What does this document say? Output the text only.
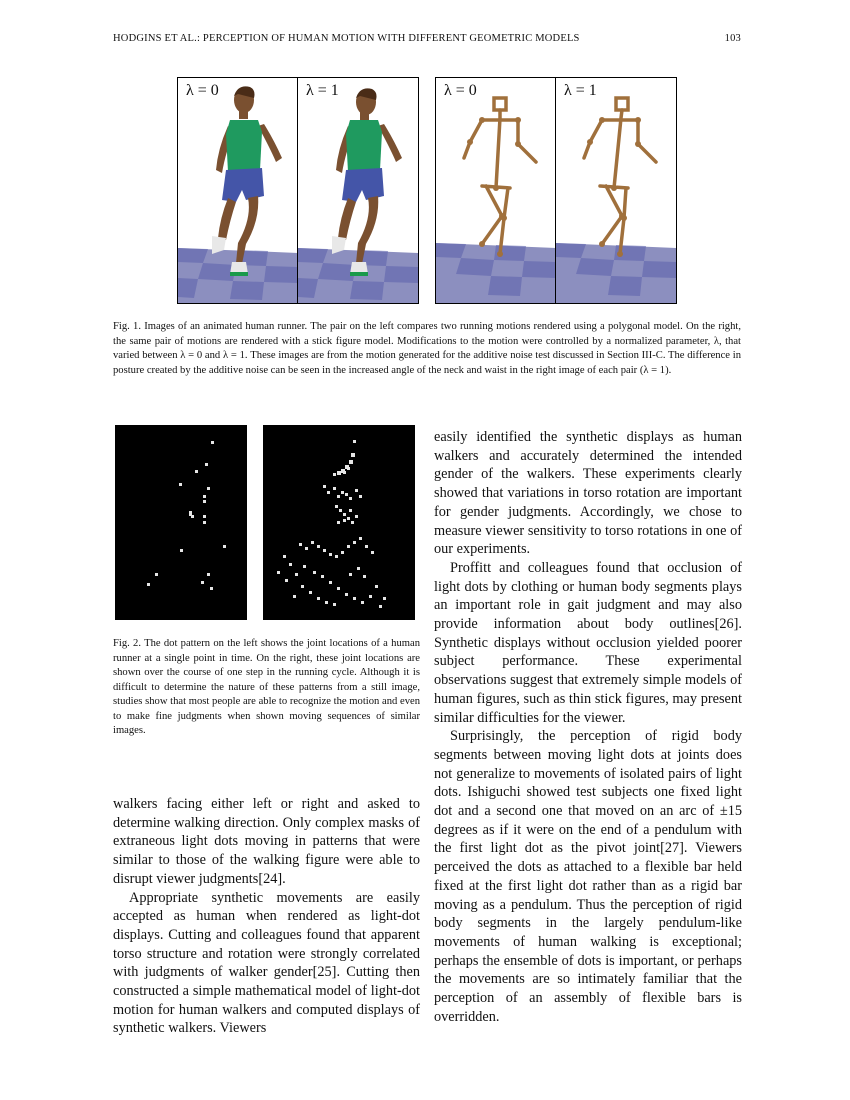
HODGINS ET AL.: PERCEPTION OF HUMAN MOTION WITH DIFFERENT GEOMETRIC MODELS	103
λ = 0	λ = 1	λ = 0	λ = 1
Fig. 1. Images of an animated human runner. The pair on the left compares two running motions rendered using a polygonal model. On the right, the same pair of motions are rendered with a stick figure model. Modifications to the motion were controlled by a normalized parameter, λ, that varied between λ = 0 and λ = 1. These images are from the motion generated for the additive noise test discussed in Section III-C. The difference in posture created by the additive noise can be seen in the increased angle of the neck and waist in the right image of each pair (λ = 1).
Fig. 2. The dot pattern on the left shows the joint locations of a human runner at a single point in time. On the right, these joint locations are shown over the course of one step in the running cycle. Although it is difficult to determine the nature of these patterns from a still image, studies show that most people are able to recognize the motion and even to make fine judgments when shown moving sequences of similar images.

easily identified the synthetic displays as human walkers and accurately determined the intended gender of the walkers. These experiments clearly showed that variations in torso rotation are important for gender judgments. Accordingly, we chose to measure viewer sensitivity to torso rotations in one of our experiments.

Proffitt and colleagues found that occlusion of light dots by clothing or human body segments plays an important role in gait judgment and may also provide information about body outlines[26]. Synthetic displays without occlusion yielded poorer subject performance. These experimental observations suggest that extremely simple models of human figures, such as thin stick figures, may present similar difficulties for the viewer.

Surprisingly, the perception of rigid body segments between moving light dots at joints does not generalize to movements of isolated pairs of light dots. Ishiguchi showed test subjects one fixed light dot and a second one that moved on an arc of ±15 degrees as if it were on the end of a pendulum with the first light dot as the pivot joint[27]. Viewers perceived the dots as attached to a flexible bar held fixed at the first light dot rather than as a rigid bar moving as a pendulum. Thus the perception of rigid body segments in the largely pendulum-like movements of human walking is exceptional; perhaps the ensemble of dots is important, or perhaps the movements are so intimately familiar that the perception of an assembly of flexible bars is overridden.

walkers facing either left or right and asked to determine walking direction. Only complex masks of extraneous light dots moving in patterns that were similar to those of the walking figure were able to disrupt viewer judgments[24].

Appropriate synthetic movements are easily accepted as human when rendered as light-dot displays. Cutting and colleagues found that apparent torso structure and rotation were strongly correlated with judgments of walker gender[25]. Cutting then constructed a simple mathematical model of light-dot motion for human walkers and computed displays of synthetic walkers. Viewers
